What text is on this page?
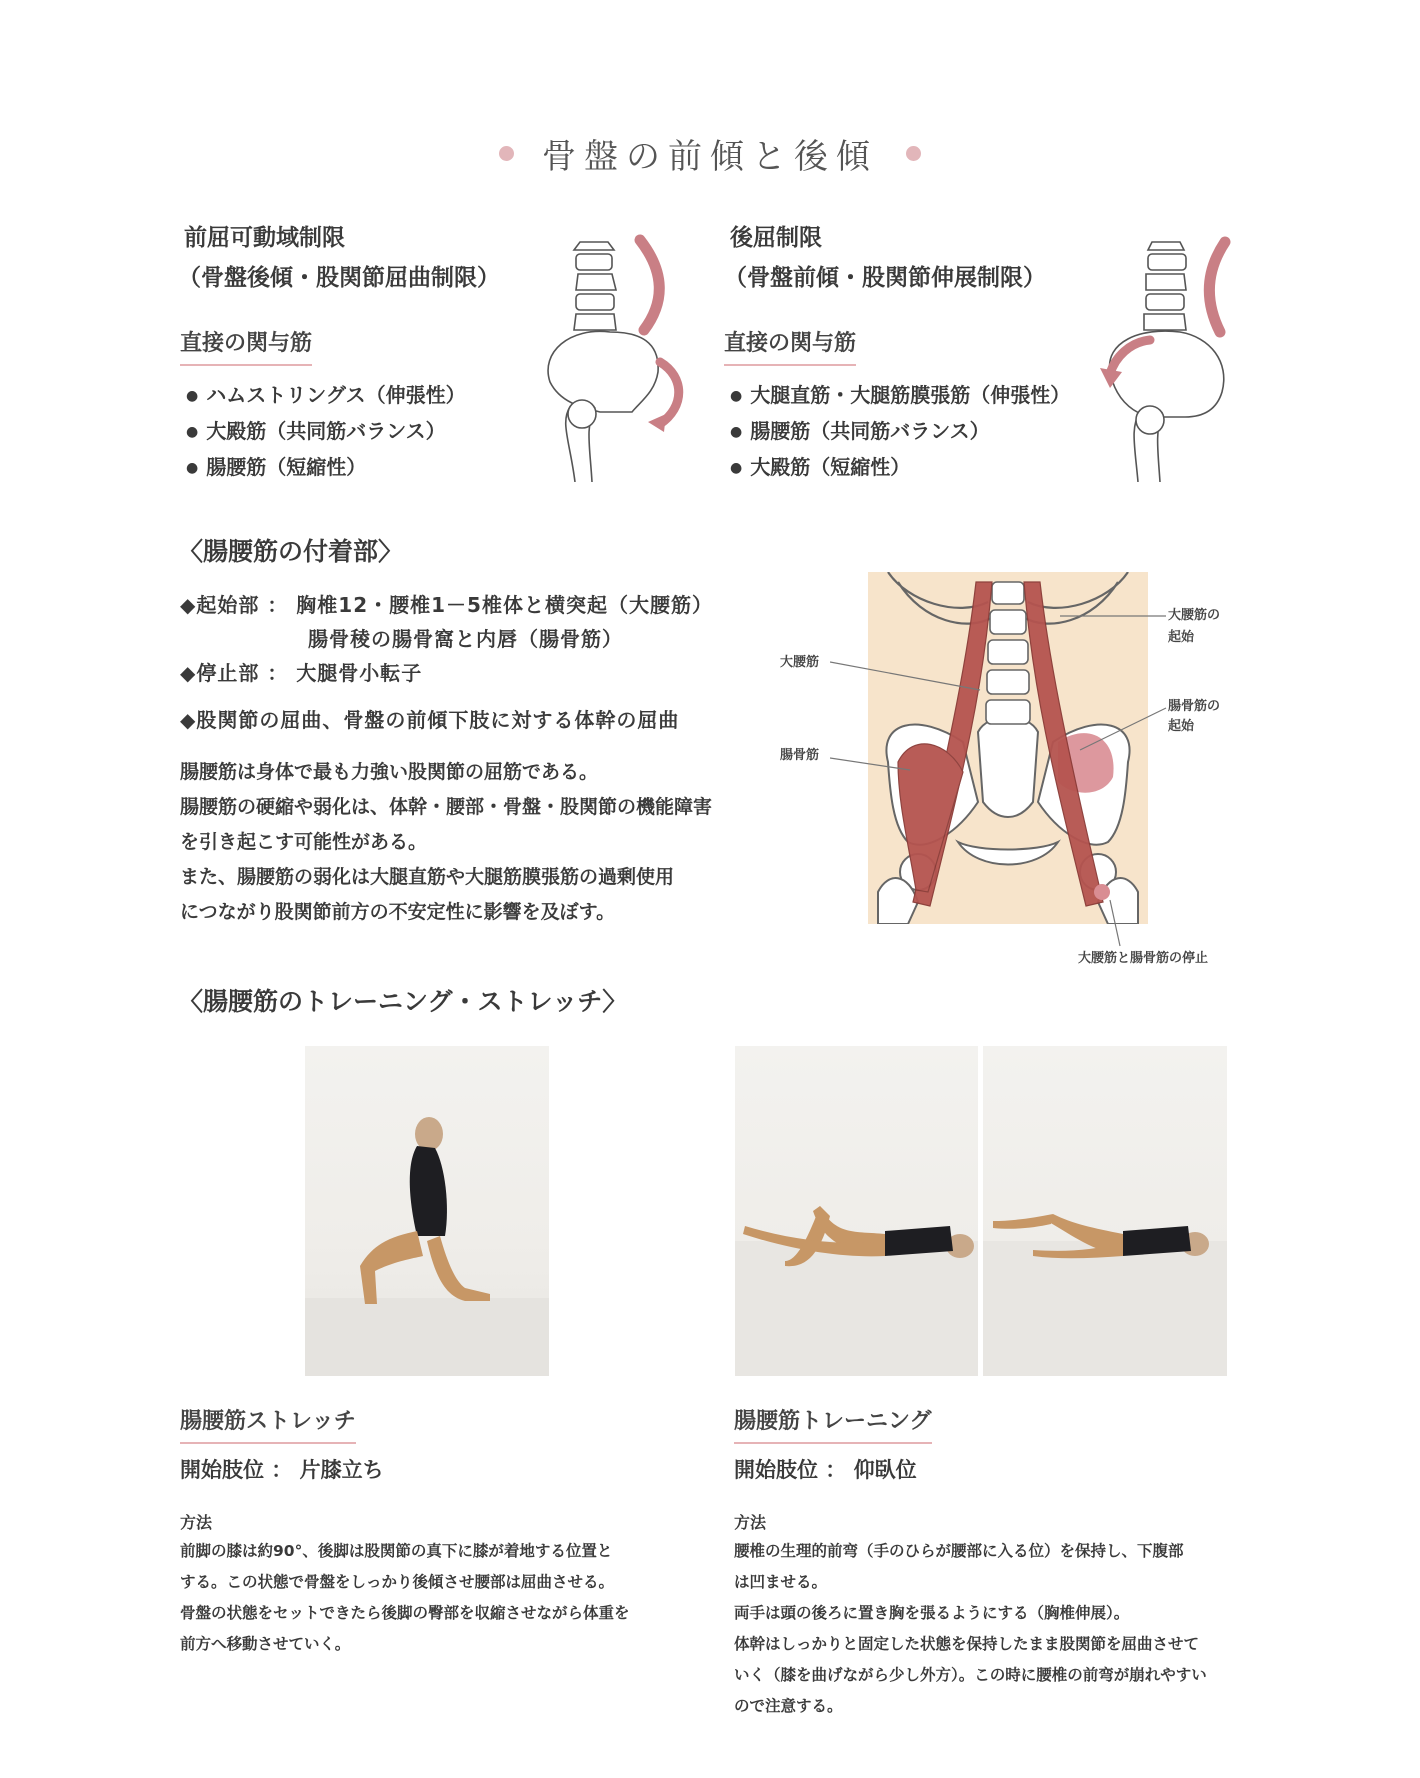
骨盤の前傾と後傾
前屈可動域制限
（骨盤後傾・股関節屈曲制限）
直接の関与筋
● ハムストリングス（伸張性）
● 大殿筋（共同筋バランス）
● 腸腰筋（短縮性）
後屈制限
（骨盤前傾・股関節伸展制限）
直接の関与筋
● 大腿直筋・大腿筋膜張筋（伸張性）
● 腸腰筋（共同筋バランス）
● 大殿筋（短縮性）
〈腸腰筋の付着部〉
◆起始部 ： 胸椎12・腰椎1－5椎体と横突起（大腰筋）
腸骨稜の腸骨窩と内唇（腸骨筋）
◆停止部 ： 大腿骨小転子
◆股関節の屈曲、骨盤の前傾下肢に対する体幹の屈曲
腸腰筋は身体で最も力強い股関節の屈筋である。
腸腰筋の硬縮や弱化は、体幹・腰部・骨盤・股関節の機能障害
を引き起こす可能性がある。
また、腸腰筋の弱化は大腿直筋や大腿筋膜張筋の過剰使用
につながり股関節前方の不安定性に影響を及ぼす。
大腰筋
腸骨筋
大腰筋の
起始
腸骨筋の
起始
大腰筋と腸骨筋の停止
〈腸腰筋のトレーニング・ストレッチ〉
腸腰筋ストレッチ
開始肢位 ： 片膝立ち
方法
前脚の膝は約90°、後脚は股関節の真下に膝が着地する位置と
する。この状態で骨盤をしっかり後傾させ腰部は屈曲させる。
骨盤の状態をセットできたら後脚の臀部を収縮させながら体重を
前方へ移動させていく。
腸腰筋トレーニング
開始肢位 ： 仰臥位
方法
腰椎の生理的前弯（手のひらが腰部に入る位）を保持し、下腹部
は凹ませる。
両手は頭の後ろに置き胸を張るようにする（胸椎伸展）。
体幹はしっかりと固定した状態を保持したまま股関節を屈曲させて
いく（膝を曲げながら少し外方）。この時に腰椎の前弯が崩れやすい
ので注意する。
